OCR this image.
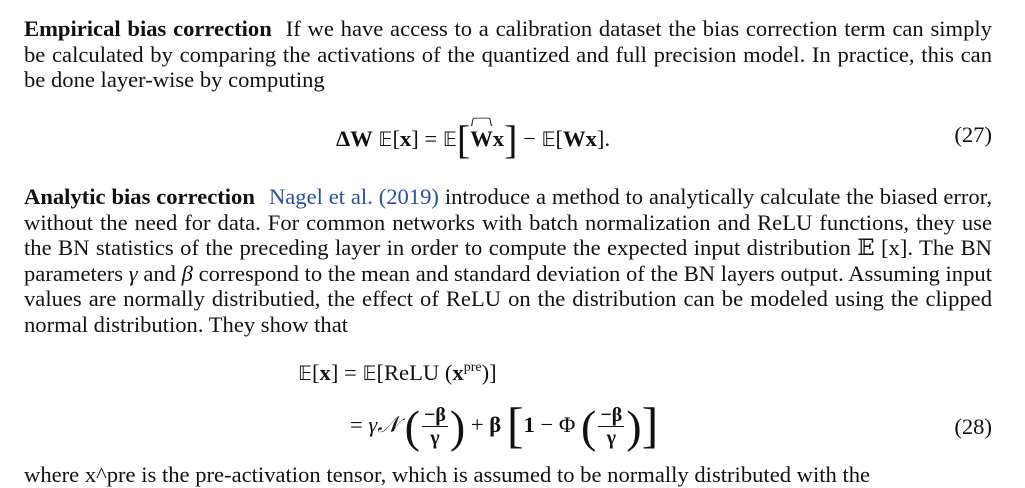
Empirical bias correction If we have access to a calibration dataset the bias correction term can simply be calculated by comparing the activations of the quantized and full precision model. In practice, this can be done layer-wise by computing

ΔW 𝔼[x] = 𝔼[Wx] − 𝔼[Wx].	(27)

Analytic bias correction Nagel et al. (2019) introduce a method to analytically calculate the biased error, without the need for data. For common networks with batch normalization and ReLU functions, they use the BN statistics of the preceding layer in order to compute the expected input distribution 𝔼 [x]. The BN parameters γ and β correspond to the mean and standard deviation of the BN layers output. Assuming input values are normally distributied, the effect of ReLU on the distribution can be modeled using the clipped normal distribution. They show that

𝔼[x] = 𝔼[ReLU $(x^{pre})$]
= γ𝒩 ( $\frac{-\beta}{\gamma}$ ) + β [1 − Φ ( $\frac{-\beta}{\gamma}$ )]	(28)
where x^pre is the pre-activation tensor, which is assumed to be normally distributed with the
